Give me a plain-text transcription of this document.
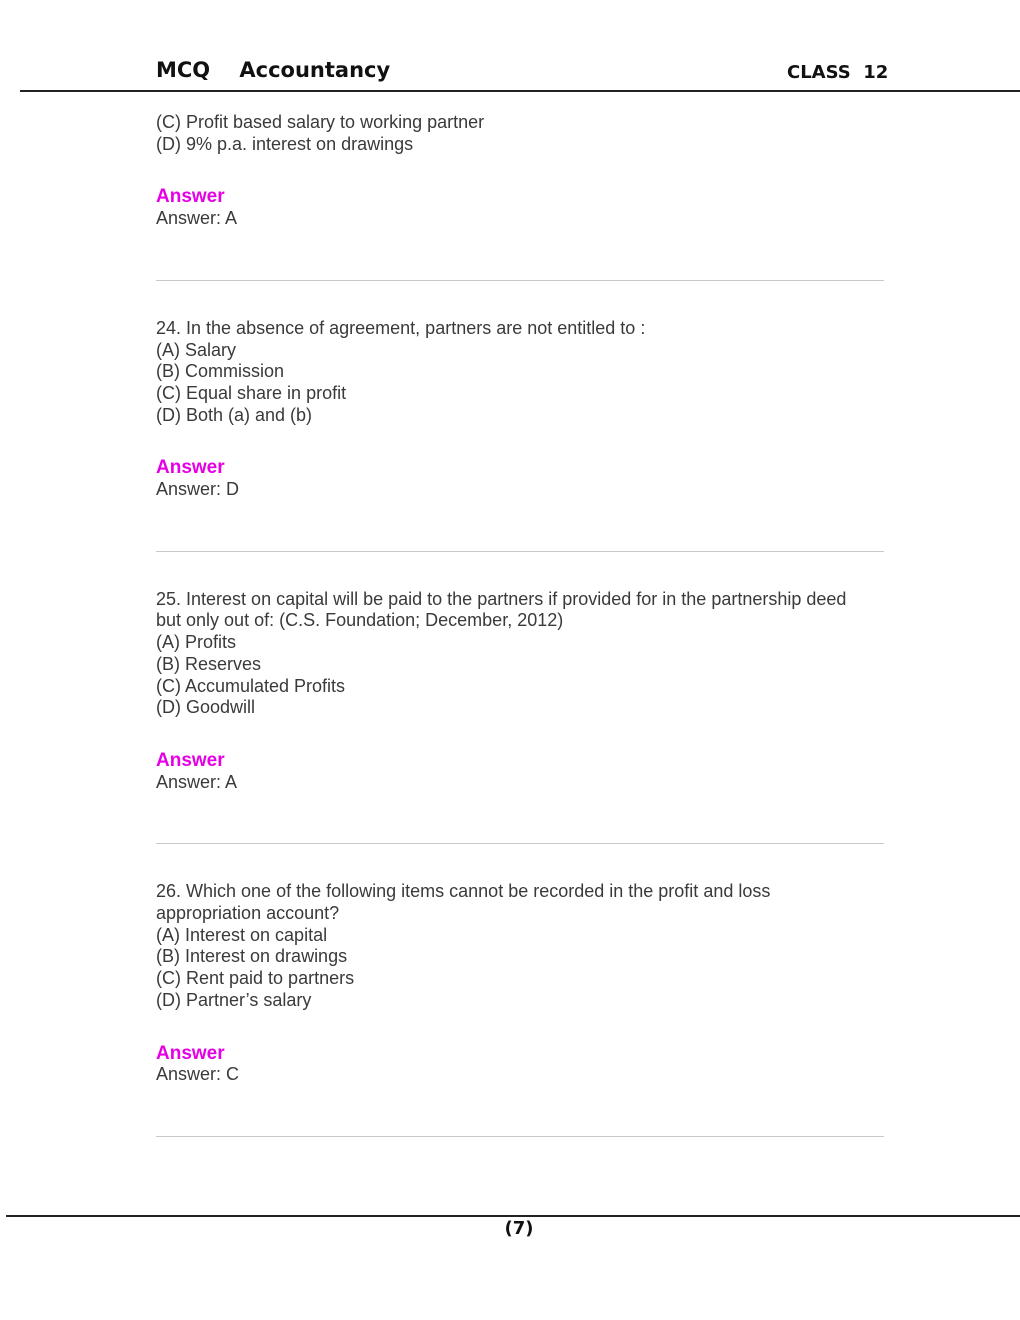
MCQ    Accountancy	CLASS  12

(C) Profit based salary to working partner

(D) 9% p.a. interest on drawings

Answer
Answer: A

24. In the absence of agreement, partners are not entitled to :

(A) Salary

(B) Commission

(C) Equal share in profit

(D) Both (a) and (b)

Answer
Answer: D

25. Interest on capital will be paid to the partners if provided for in the partnership deed

but only out of: (C.S. Foundation; December, 2012)

(A) Profits

(B) Reserves

(C) Accumulated Profits

(D) Goodwill

Answer
Answer: A

26. Which one of the following items cannot be recorded in the profit and loss

appropriation account?

(A) Interest on capital

(B) Interest on drawings

(C) Rent paid to partners

(D) Partner’s salary

Answer
Answer: C
(7)
